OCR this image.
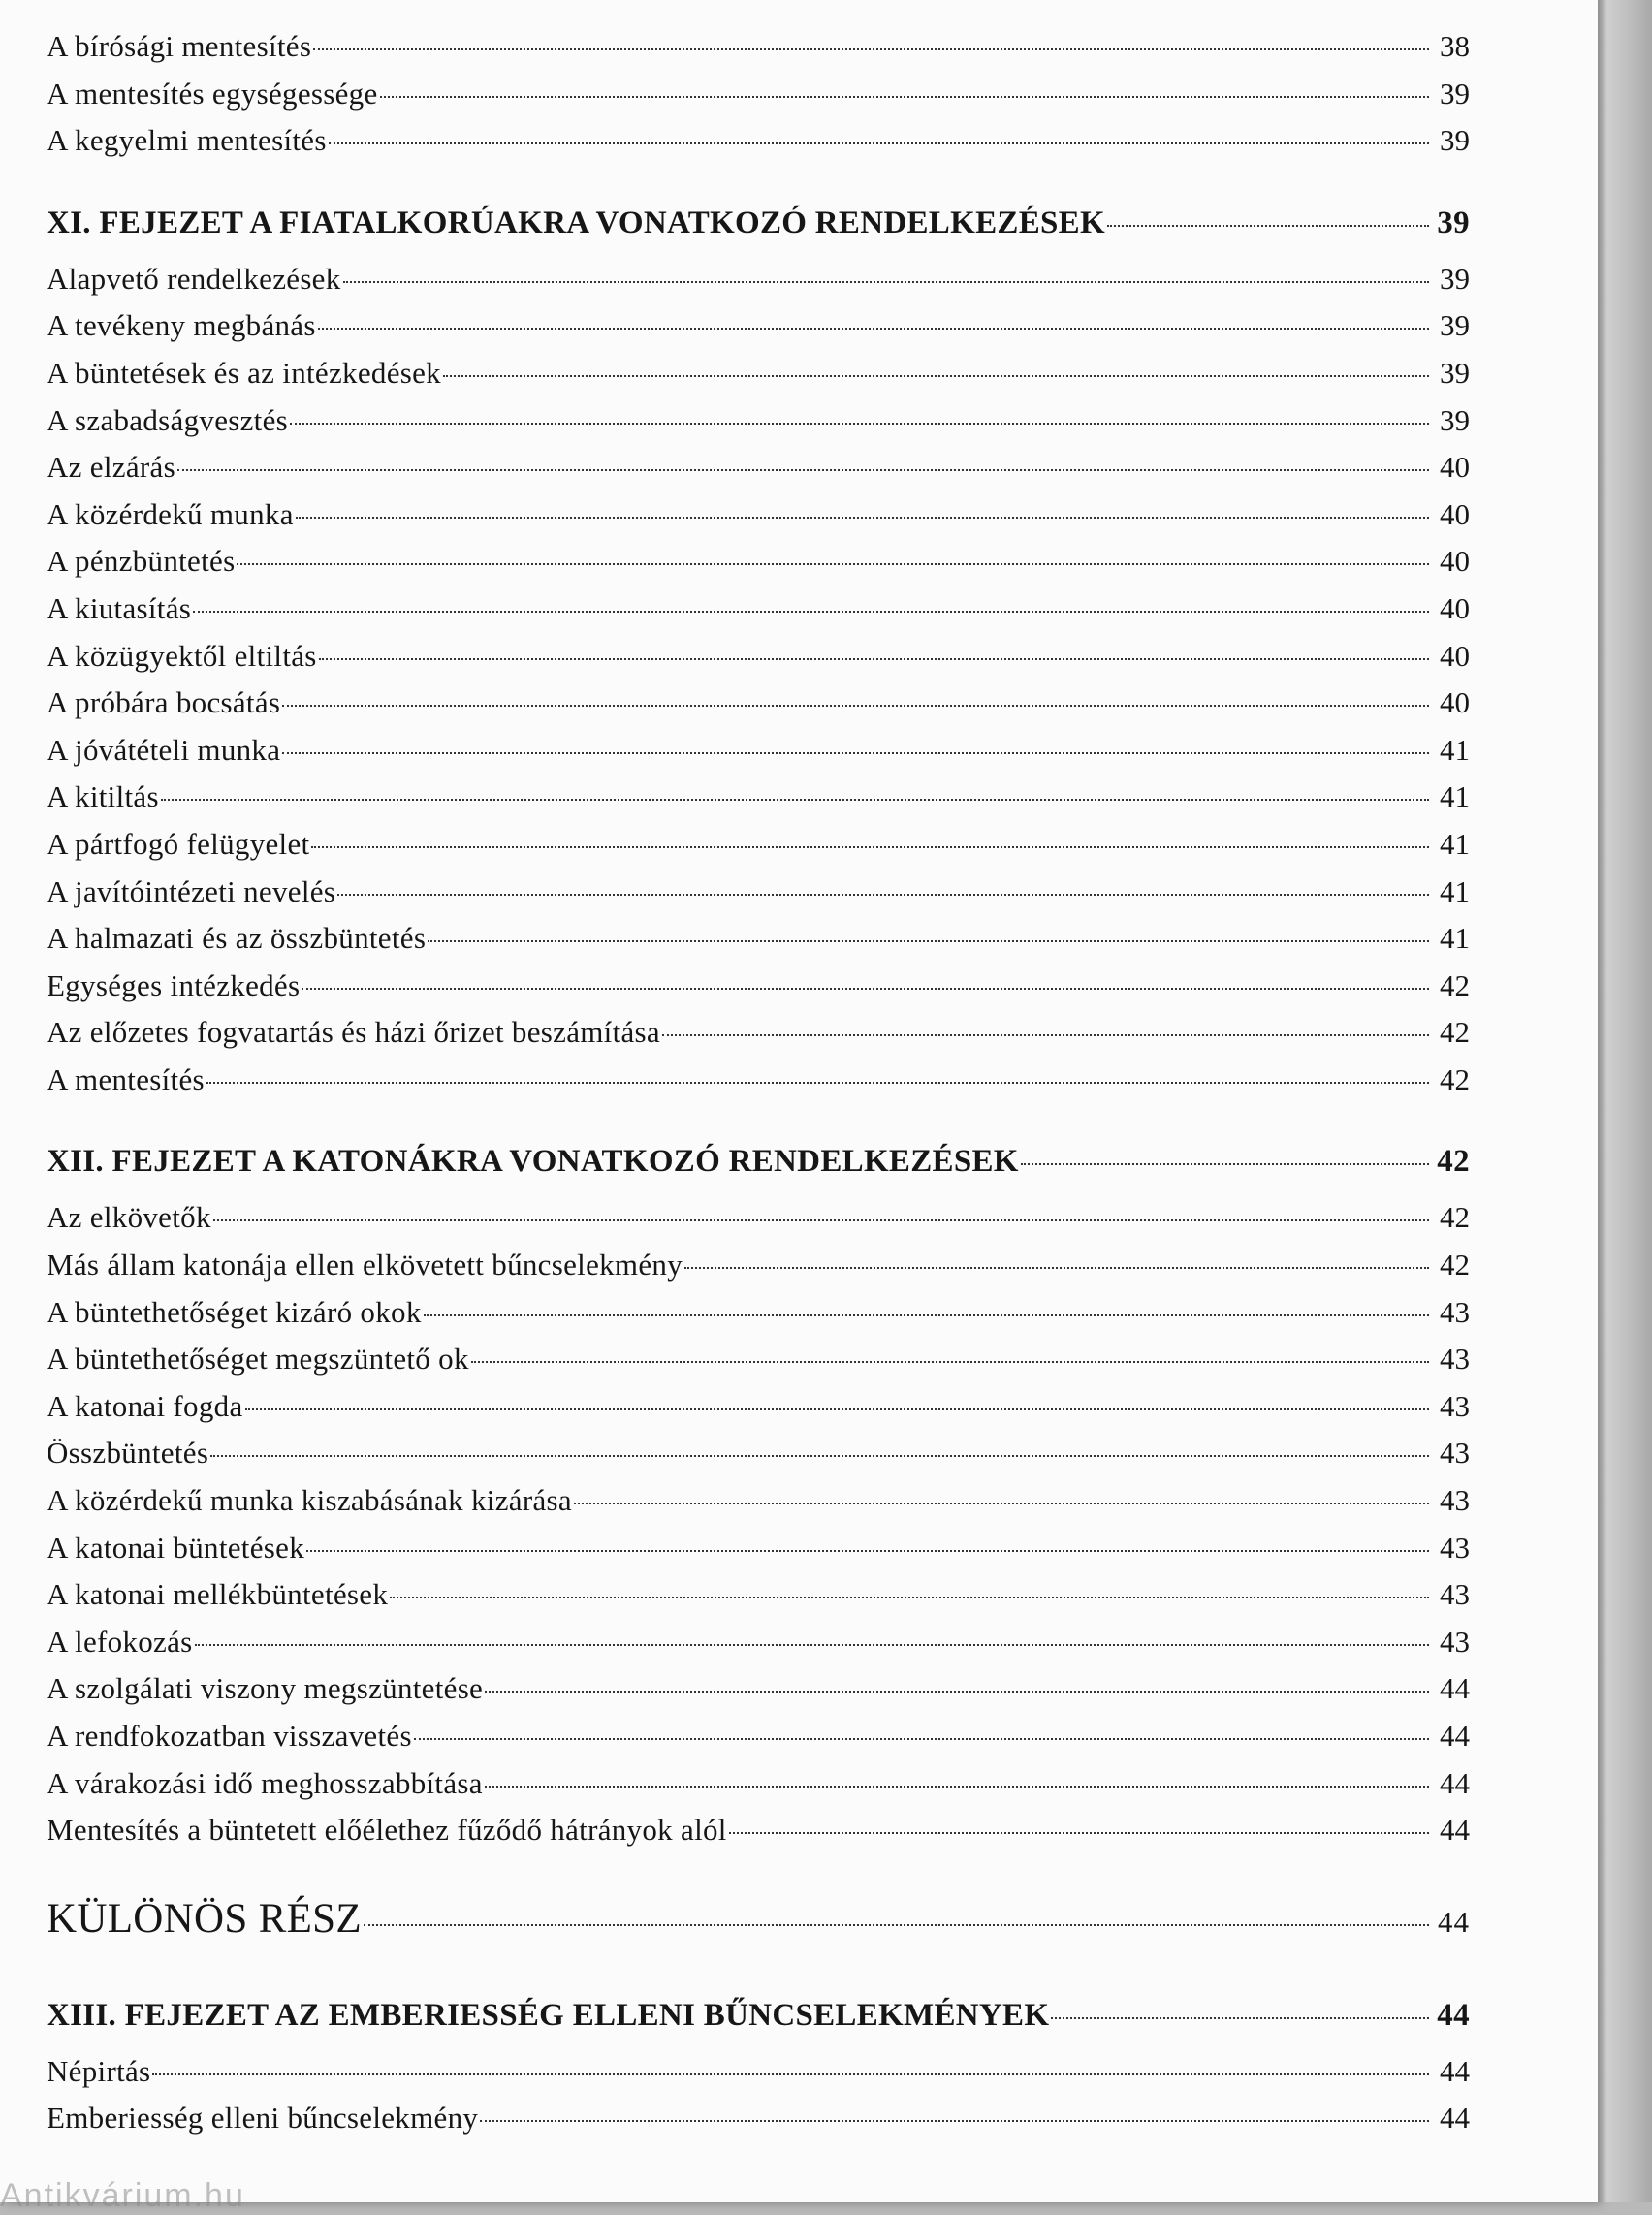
A bírósági mentesítés	38
A mentesítés egységessége	39
A kegyelmi mentesítés	39
XI. FEJEZET A FIATALKORÚAKRA VONATKOZÓ RENDELKEZÉSEK	39
Alapvető rendelkezések	39
A tevékeny megbánás	39
A büntetések és az intézkedések	39
A szabadságvesztés	39
Az elzárás	40
A közérdekű munka	40
A pénzbüntetés	40
A kiutasítás	40
A közügyektől eltiltás	40
A próbára bocsátás	40
A jóvátételi munka	41
A kitiltás	41
A pártfogó felügyelet	41
A javítóintézeti nevelés	41
A halmazati és az összbüntetés	41
Egységes intézkedés	42
Az előzetes fogvatartás és házi őrizet beszámítása	42
A mentesítés	42
XII. FEJEZET A KATONÁKRA VONATKOZÓ RENDELKEZÉSEK	42
Az elkövetők	42
Más állam katonája ellen elkövetett bűncselekmény	42
A büntethetőséget kizáró okok	43
A büntethetőséget megszüntető ok	43
A katonai fogda	43
Összbüntetés	43
A közérdekű munka kiszabásának kizárása	43
A katonai büntetések	43
A katonai mellékbüntetések	43
A lefokozás	43
A szolgálati viszony megszüntetése	44
A rendfokozatban visszavetés	44
A várakozási idő meghosszabbítása	44
Mentesítés a büntetett előélethez fűződő hátrányok alól	44
KÜLÖNÖS RÉSZ	44
XIII. FEJEZET AZ EMBERIESSÉG ELLENI BŰNCSELEKMÉNYEK	44
Népirtás	44
Emberiesség elleni bűncselekmény	44
Antikvárium.hu
